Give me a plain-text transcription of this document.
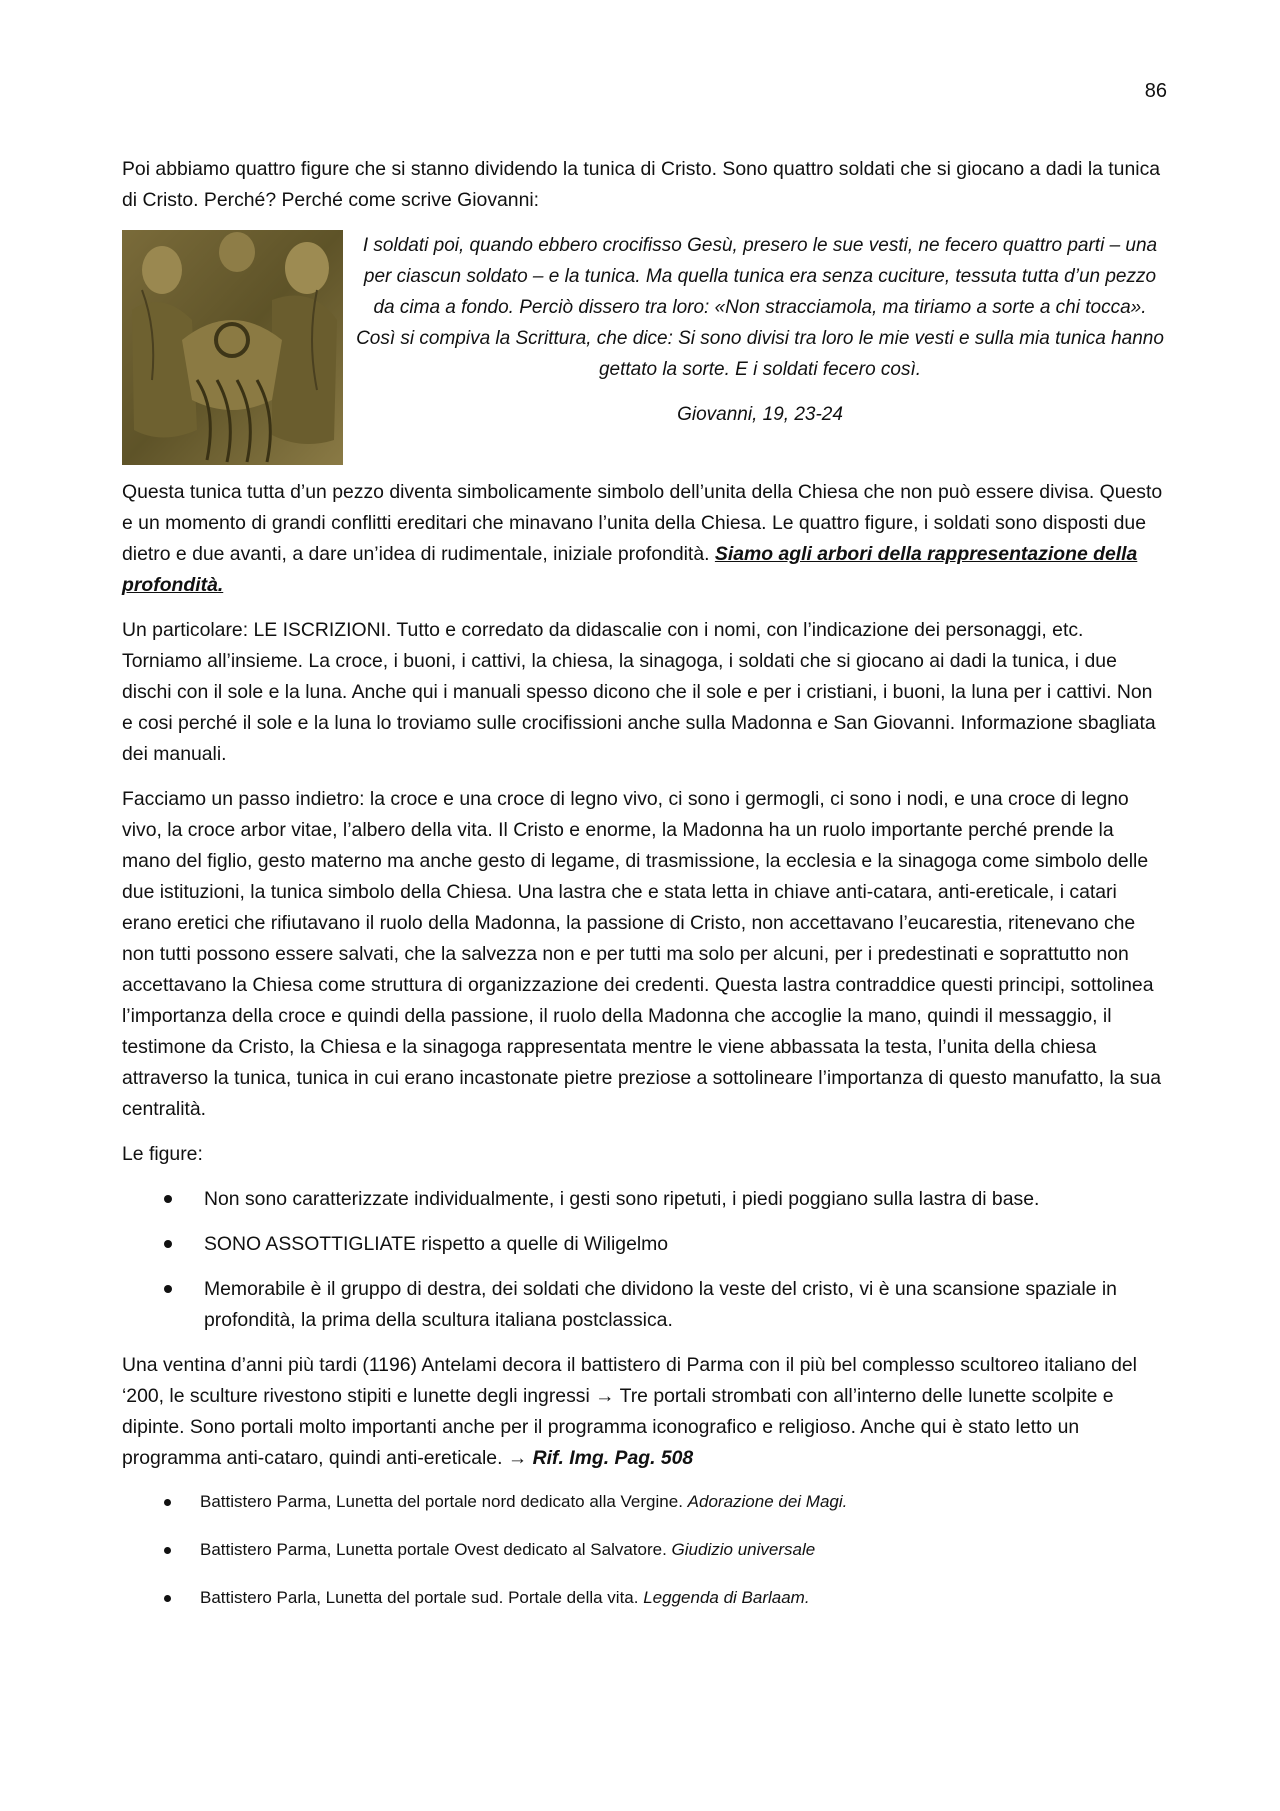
86

Poi abbiamo quattro figure che si stanno dividendo la tunica di Cristo. Sono quattro soldati che si giocano a dadi la tunica di Cristo. Perché? Perché come scrive Giovanni:

I soldati poi, quando ebbero crocifisso Gesù, presero le sue vesti, ne fecero quattro parti – una per ciascun soldato – e la tunica. Ma quella tunica era senza cuciture, tessuta tutta d’un pezzo da cima a fondo. Perciò dissero tra loro: «Non stracciamola, ma tiriamo a sorte a chi tocca». Così si compiva la Scrittura, che dice: Si sono divisi tra loro le mie vesti e sulla mia tunica hanno gettato la sorte. E i soldati fecero così.

Giovanni, 19, 23-24

Questa tunica tutta d’un pezzo diventa simbolicamente simbolo dell’unita della Chiesa che non può essere divisa. Questo e un momento di grandi conflitti ereditari che minavano l’unita della Chiesa. Le quattro figure, i soldati sono disposti due dietro e due avanti, a dare un’idea di rudimentale, iniziale profondità. Siamo agli arbori della rappresentazione della profondità.

Un particolare: LE ISCRIZIONI. Tutto e corredato da didascalie con i nomi, con l’indicazione dei personaggi, etc. Torniamo all’insieme. La croce, i buoni, i cattivi, la chiesa, la sinagoga, i soldati che si giocano ai dadi la tunica, i due dischi con il sole e la luna. Anche qui i manuali spesso dicono che il sole e per i cristiani, i buoni, la luna per i cattivi. Non e cosi perché il sole e la luna lo troviamo sulle crocifissioni anche sulla Madonna e San Giovanni. Informazione sbagliata dei manuali.

Facciamo un passo indietro: la croce e una croce di legno vivo, ci sono i germogli, ci sono i nodi, e una croce di legno vivo, la croce arbor vitae, l’albero della vita. Il Cristo e enorme, la Madonna ha un ruolo importante perché prende la mano del figlio, gesto materno ma anche gesto di legame, di trasmissione, la ecclesia e la sinagoga come simbolo delle due istituzioni, la tunica simbolo della Chiesa. Una lastra che e stata letta in chiave anti-catara, anti-ereticale, i catari erano eretici che rifiutavano il ruolo della Madonna, la passione di Cristo, non accettavano l’eucarestia, ritenevano che non tutti possono essere salvati, che la salvezza non e per tutti ma solo per alcuni, per i predestinati e soprattutto non accettavano la Chiesa come struttura di organizzazione dei credenti. Questa lastra contraddice questi principi, sottolinea l’importanza della croce e quindi della passione, il ruolo della Madonna che accoglie la mano, quindi il messaggio, il testimone da Cristo, la Chiesa e la sinagoga rappresentata mentre le viene abbassata la testa, l’unita della chiesa attraverso la tunica, tunica in cui erano incastonate pietre preziose a sottolineare l’importanza di questo manufatto, la sua centralità.

Le figure:

Non sono caratterizzate individualmente, i gesti sono ripetuti, i piedi poggiano sulla lastra di base.
SONO ASSOTTIGLIATE rispetto a quelle di Wiligelmo
Memorabile è il gruppo di destra, dei soldati che dividono la veste del cristo, vi è una scansione spaziale in profondità, la prima della scultura italiana postclassica.

Una ventina d’anni più tardi (1196) Antelami decora il battistero di Parma con il più bel complesso scultoreo italiano del ‘200, le sculture rivestono stipiti e lunette degli ingressi → Tre portali strombati con all’interno delle lunette scolpite e dipinte. Sono portali molto importanti anche per il programma iconografico e religioso. Anche qui è stato letto un programma anti-cataro, quindi anti-ereticale. → Rif. Img. Pag. 508

Battistero Parma, Lunetta del portale nord dedicato alla Vergine. Adorazione dei Magi.
Battistero Parma, Lunetta portale Ovest dedicato al Salvatore. Giudizio universale
Battistero Parla, Lunetta del portale sud. Portale della vita. Leggenda di Barlaam.
